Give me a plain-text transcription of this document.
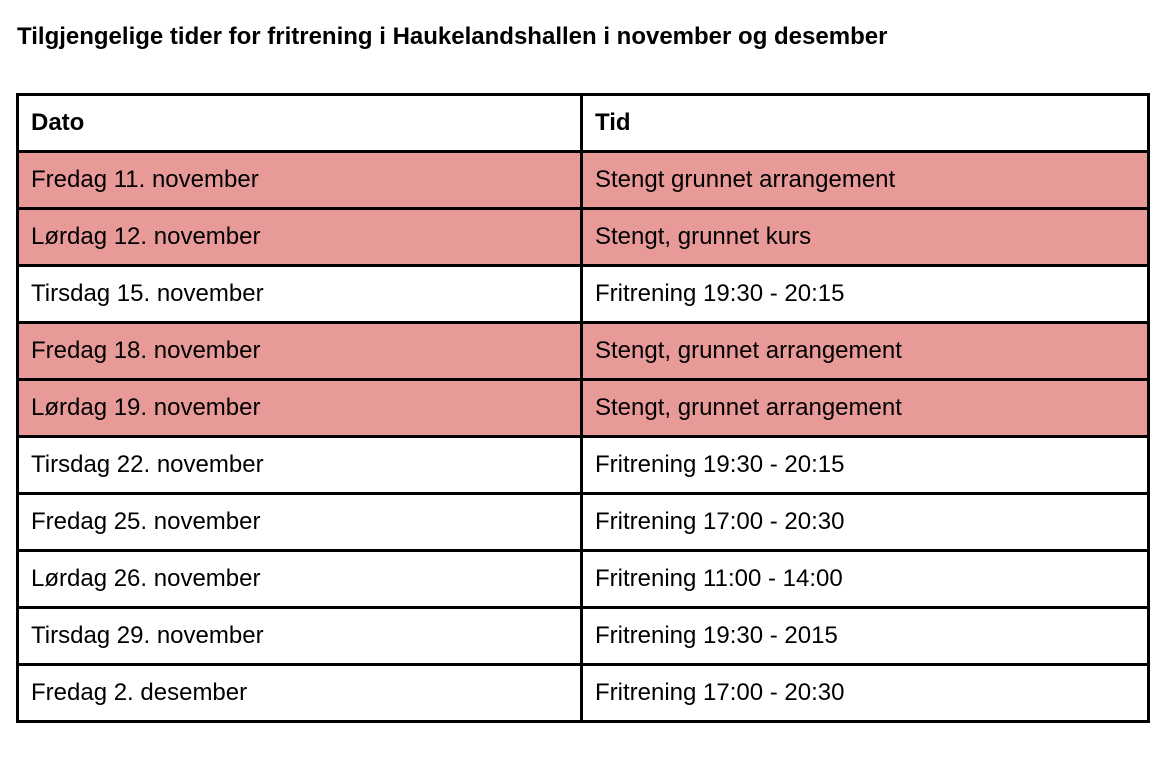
Tilgjengelige tider for fritrening i Haukelandshallen i november og desember
Dato	Tid
Fredag 11. november	Stengt grunnet arrangement
Lørdag 12. november	Stengt, grunnet kurs
Tirsdag 15. november	Fritrening 19:30 - 20:15
Fredag 18. november	Stengt, grunnet arrangement
Lørdag 19. november	Stengt, grunnet arrangement
Tirsdag 22. november	Fritrening 19:30 - 20:15
Fredag 25. november	Fritrening 17:00 - 20:30
Lørdag 26. november	Fritrening 11:00 - 14:00
Tirsdag 29. november	Fritrening 19:30 - 2015
Fredag 2. desember	Fritrening 17:00 - 20:30
